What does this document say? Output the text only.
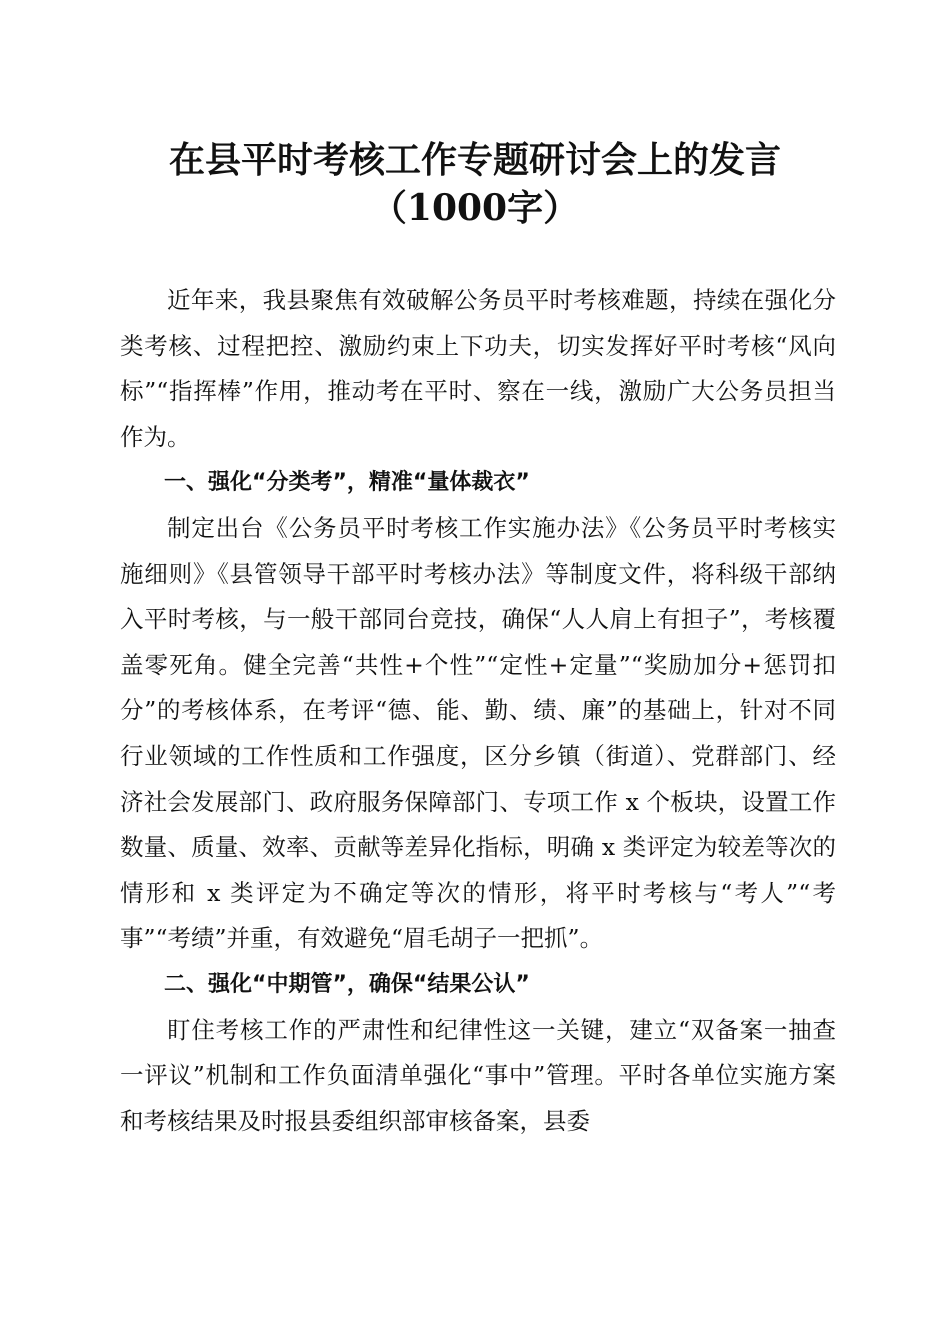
在县平时考核工作专题研讨会上的发言（1000字）

近年来，我县聚焦有效破解公务员平时考核难题，持续在强化分类考核、过程把控、激励约束上下功夫，切实发挥好平时考核“风向标”“指挥棒”作用，推动考在平时、察在一线，激励广大公务员担当作为。

一、强化“分类考”，精准“量体裁衣”

制定出台《公务员平时考核工作实施办法》《公务员平时考核实施细则》《县管领导干部平时考核办法》等制度文件，将科级干部纳入平时考核，与一般干部同台竞技，确保“人人肩上有担子”，考核覆盖零死角。健全完善“共性+个性”“定性+定量”“奖励加分+惩罚扣分”的考核体系，在考评“德、能、勤、绩、廉”的基础上，针对不同行业领域的工作性质和工作强度，区分乡镇（街道）、党群部门、经济社会发展部门、政府服务保障部门、专项工作 x 个板块，设置工作数量、质量、效率、贡献等差异化指标，明确 x 类评定为较差等次的情形和 x 类评定为不确定等次的情形，将平时考核与“考人”“考事”“考绩”并重，有效避免“眉毛胡子一把抓”。

二、强化“中期管”，确保“结果公认”

盯住考核工作的严肃性和纪律性这一关键，建立“双备案一抽查一评议”机制和工作负面清单强化“事中”管理。平时各单位实施方案和考核结果及时报县委组织部审核备案，县委
